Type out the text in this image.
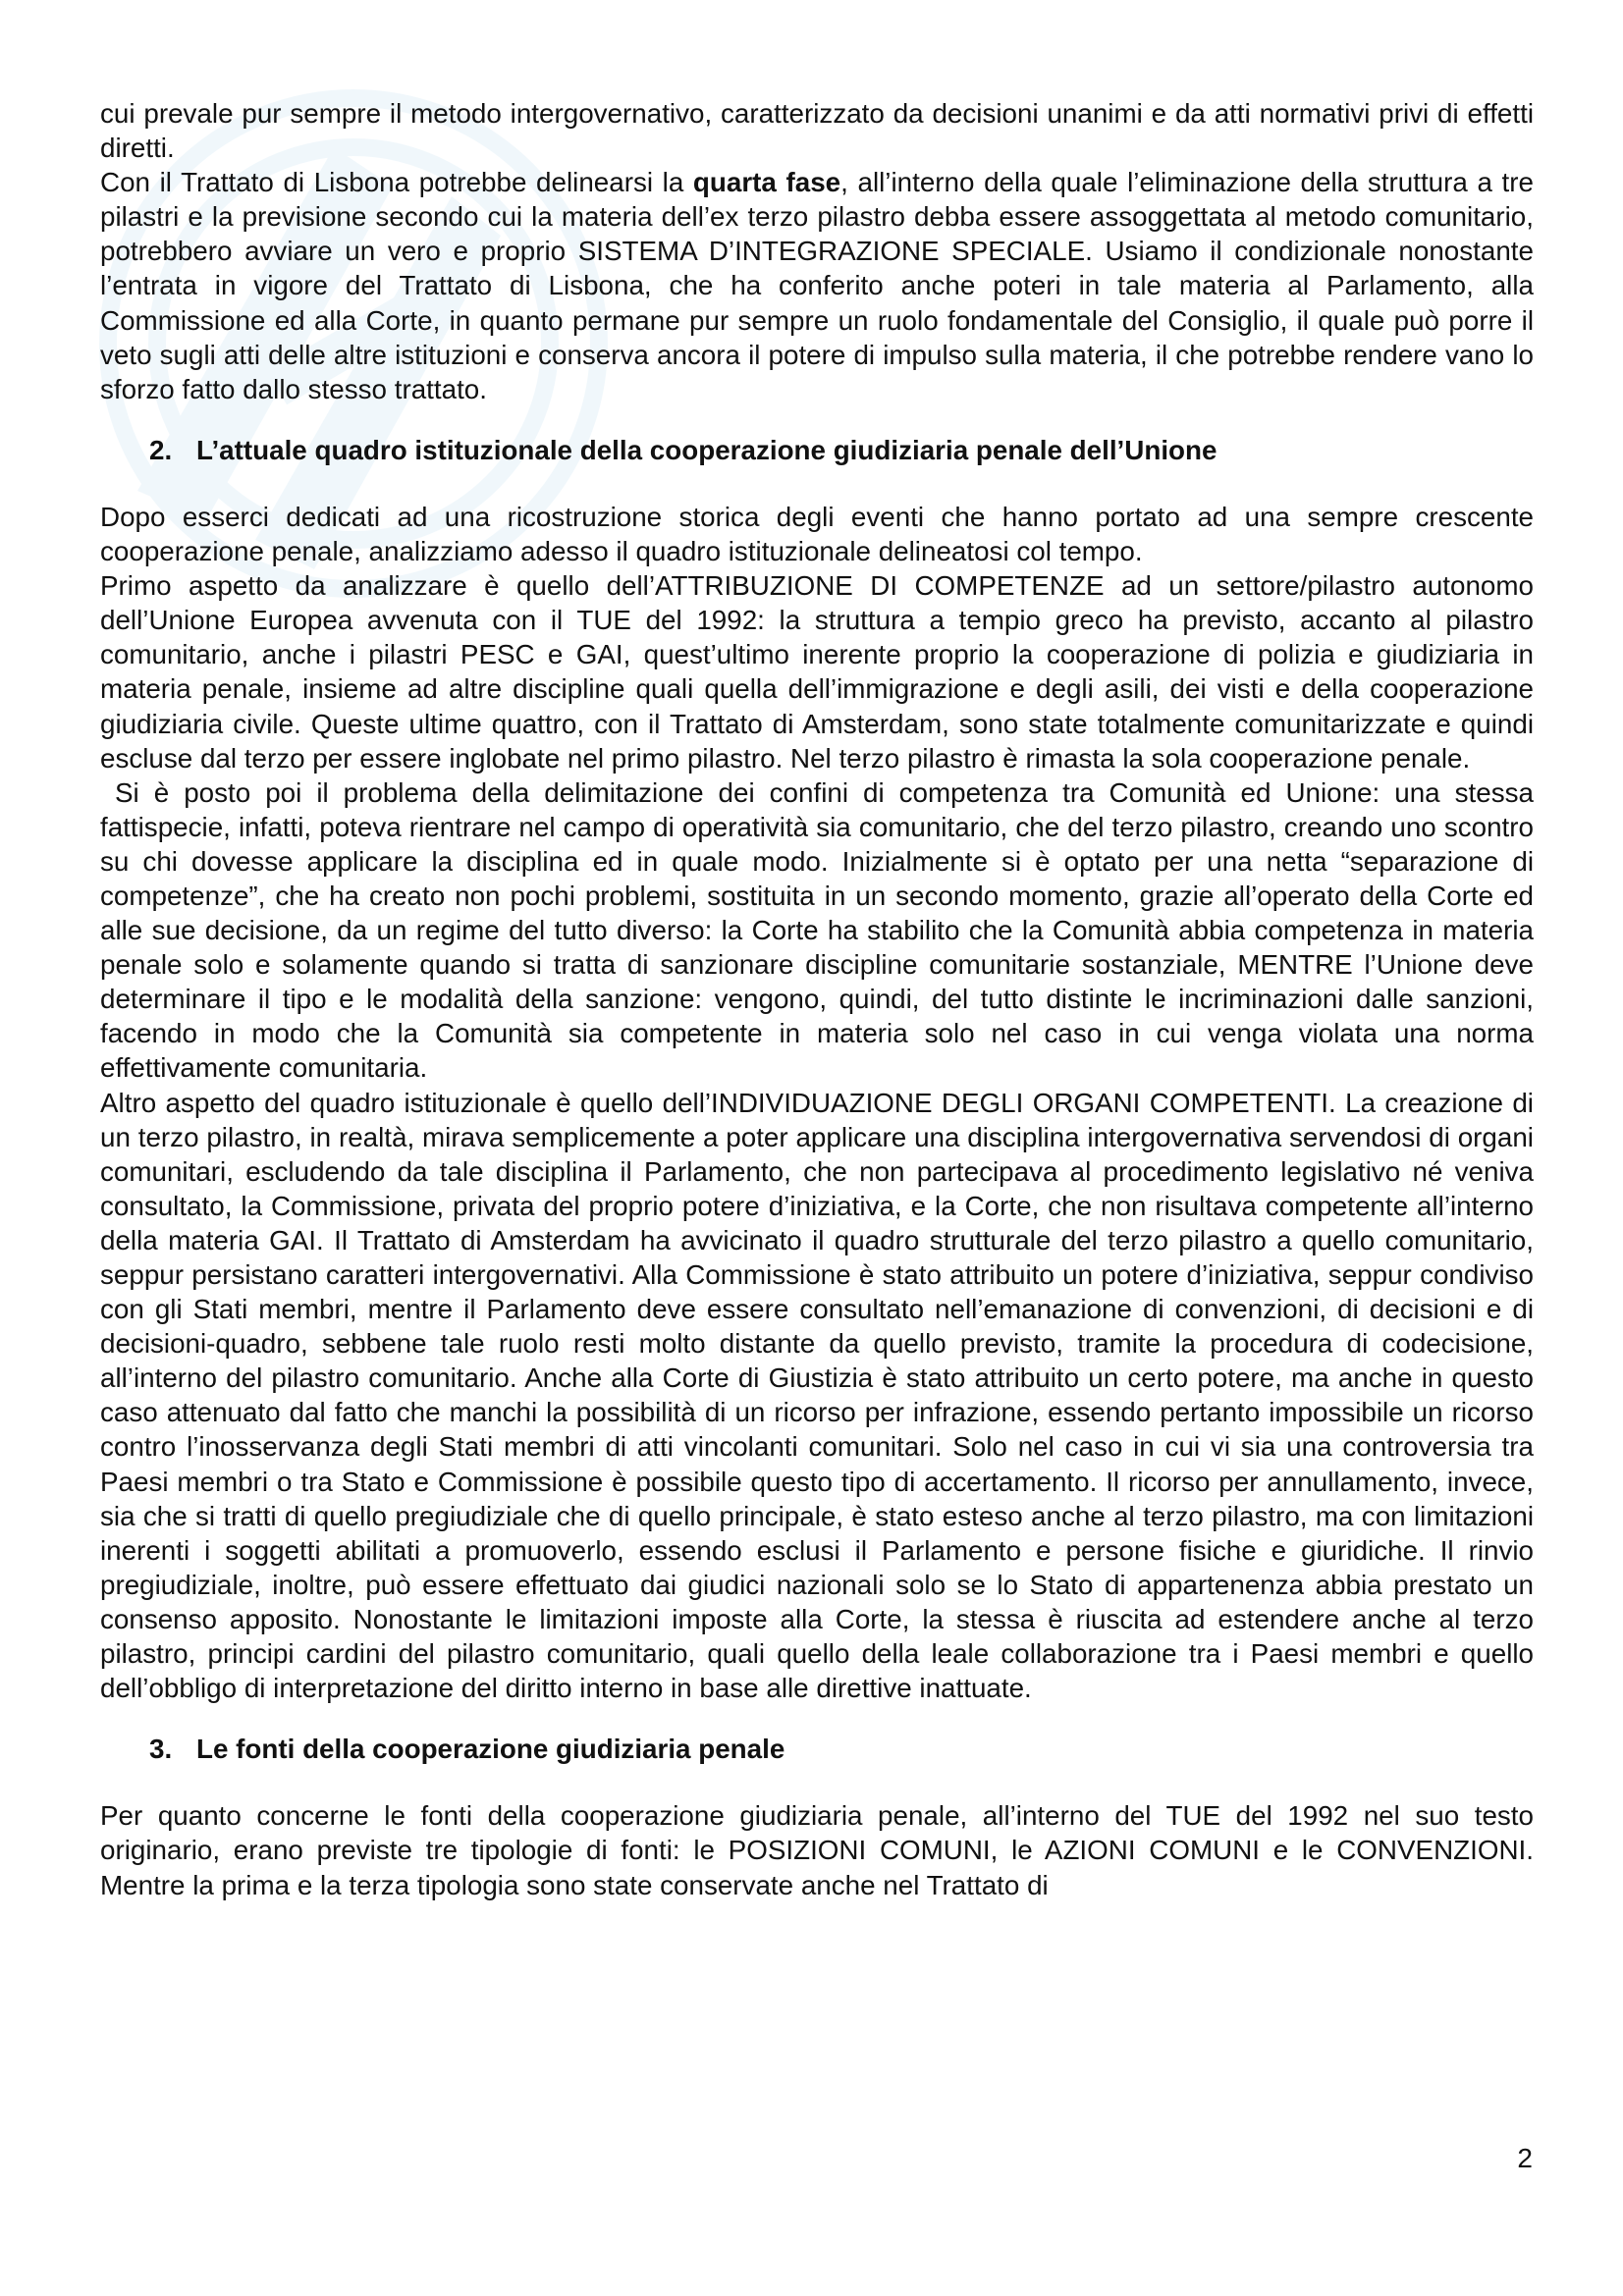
cui prevale pur sempre il metodo intergovernativo, caratterizzato da decisioni unanimi e da atti normativi privi di effetti diretti.

Con il Trattato di Lisbona potrebbe delinearsi la quarta fase, all’interno della quale l’eliminazione della struttura a tre pilastri e la previsione secondo cui la materia dell’ex terzo pilastro debba essere assoggettata al metodo comunitario, potrebbero avviare un vero e proprio SISTEMA D’INTEGRAZIONE SPECIALE. Usiamo il condizionale nonostante l’entrata in vigore del Trattato di Lisbona, che ha conferito anche poteri in tale materia al Parlamento, alla Commissione ed alla Corte, in quanto permane pur sempre un ruolo fondamentale del Consiglio, il quale può porre il veto sugli atti delle altre istituzioni e conserva ancora il potere di impulso sulla materia, il che potrebbe rendere vano lo sforzo fatto dallo stesso trattato.

2. L’attuale quadro istituzionale della cooperazione giudiziaria penale dell’Unione

Dopo esserci dedicati ad una ricostruzione storica degli eventi che hanno portato ad una sempre crescente cooperazione penale, analizziamo adesso il quadro istituzionale delineatosi col tempo.

Primo aspetto da analizzare è quello dell’ATTRIBUZIONE DI COMPETENZE ad un settore/pilastro autonomo dell’Unione Europea avvenuta con il TUE del 1992: la struttura a tempio greco ha previsto, accanto al pilastro comunitario, anche i pilastri PESC e GAI, quest’ultimo inerente proprio la cooperazione di polizia e giudiziaria in materia penale, insieme ad altre discipline quali quella dell’immigrazione e degli asili, dei visti e della cooperazione giudiziaria civile. Queste ultime quattro, con il Trattato di Amsterdam, sono state totalmente comunitarizzate e quindi escluse dal terzo per essere inglobate nel primo pilastro. Nel terzo pilastro è rimasta la sola cooperazione penale.

Si è posto poi il problema della delimitazione dei confini di competenza tra Comunità ed Unione: una stessa fattispecie, infatti, poteva rientrare nel campo di operatività sia comunitario, che del terzo pilastro, creando uno scontro su chi dovesse applicare la disciplina ed in quale modo. Inizialmente si è optato per una netta “separazione di competenze”, che ha creato non pochi problemi, sostituita in un secondo momento, grazie all’operato della Corte ed alle sue decisione, da un regime del tutto diverso: la Corte ha stabilito che la Comunità abbia competenza in materia penale solo e solamente quando si tratta di sanzionare discipline comunitarie sostanziale, MENTRE l’Unione deve determinare il tipo e le modalità della sanzione: vengono, quindi, del tutto distinte le incriminazioni dalle sanzioni, facendo in modo che la Comunità sia competente in materia solo nel caso in cui venga violata una norma effettivamente comunitaria.

Altro aspetto del quadro istituzionale è quello dell’INDIVIDUAZIONE DEGLI ORGANI COMPETENTI. La creazione di un terzo pilastro, in realtà, mirava semplicemente a poter applicare una disciplina intergovernativa servendosi di organi comunitari, escludendo da tale disciplina il Parlamento, che non partecipava al procedimento legislativo né veniva consultato, la Commissione, privata del proprio potere d’iniziativa, e la Corte, che non risultava competente all’interno della materia GAI. Il Trattato di Amsterdam ha avvicinato il quadro strutturale del terzo pilastro a quello comunitario, seppur persistano caratteri intergovernativi. Alla Commissione è stato attribuito un potere d’iniziativa, seppur condiviso con gli Stati membri, mentre il Parlamento deve essere consultato nell’emanazione di convenzioni, di decisioni e di decisioni-quadro, sebbene tale ruolo resti molto distante da quello previsto, tramite la procedura di codecisione, all’interno del pilastro comunitario. Anche alla Corte di Giustizia è stato attribuito un certo potere, ma anche in questo caso attenuato dal fatto che manchi la possibilità di un ricorso per infrazione, essendo pertanto impossibile un ricorso contro l’inosservanza degli Stati membri di atti vincolanti comunitari. Solo nel caso in cui vi sia una controversia tra Paesi membri o tra Stato e Commissione è possibile questo tipo di accertamento. Il ricorso per annullamento, invece, sia che si tratti di quello pregiudiziale che di quello principale, è stato esteso anche al terzo pilastro, ma con limitazioni inerenti i soggetti abilitati a promuoverlo, essendo esclusi il Parlamento e persone fisiche e giuridiche. Il rinvio pregiudiziale, inoltre, può essere effettuato dai giudici nazionali solo se lo Stato di appartenenza abbia prestato un consenso apposito. Nonostante le limitazioni imposte alla Corte, la stessa è riuscita ad estendere anche al terzo pilastro, principi cardini del pilastro comunitario, quali quello della leale collaborazione tra i Paesi membri e quello dell’obbligo di interpretazione del diritto interno in base alle direttive inattuate.

3. Le fonti della cooperazione giudiziaria penale

Per quanto concerne le fonti della cooperazione giudiziaria penale, all’interno del TUE del 1992 nel suo testo originario, erano previste tre tipologie di fonti: le POSIZIONI COMUNI, le AZIONI COMUNI e le CONVENZIONI. Mentre la prima e la terza tipologia sono state conservate anche nel Trattato di

2
